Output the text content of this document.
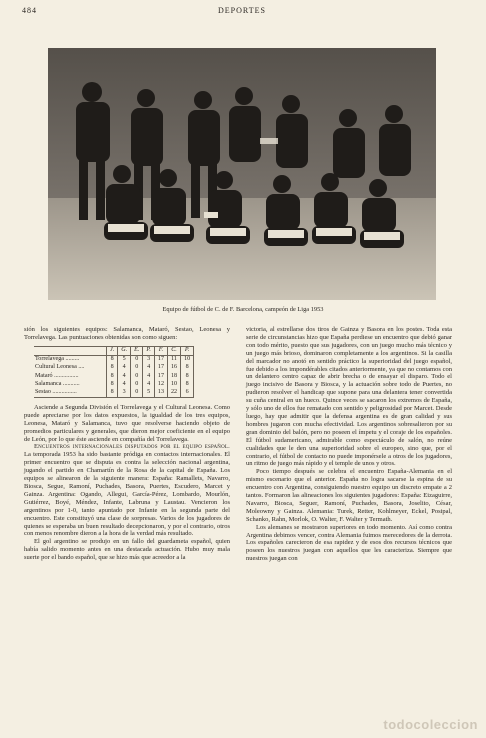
484	DEPORTES
Equipo de fútbol de C. de F. Barcelona, campeón de Liga 1953

sión los siguientes equipos: Salamanca, Mataró, Sestao, Leonesa y Torrelavega. Las puntuaciones obtenidas son como siguen:

	J.	G.	E.	P.	F.	C.	P.
Torrelavega .........	8	5	0	3	17	11	10
Cultural Leonesa ....	8	4	0	4	17	16	8
Mataró ................	8	4	0	4	17	18	8
Salamanca ...........	8	4	0	4	12	10	8
Sestao ................	8	3	0	5	13	22	6

Asciende a Segunda División el Torrelavega y el Cultural Leonesa. Como puede apreciarse por los datos expuestos, la igualdad de los tres equipos, Leonesa, Mataró y Salamanca, tuvo que resolverse haciendo objeto de promedios particulares y generales, que dieron mejor coeficiente en el equipo de León, por lo que éste asciende en compañía del Torrelavega.

Encuentros internacionales disputados por el equipo español. La temporada 1953 ha sido bastante pródiga en contactos internacionales. El primer encuentro que se disputa es contra la selección nacional argentina, jugando el partido en Chamartín de la Rosa de la capital de España. Los equipos se alinearon de la siguiente manera: España: Ramallets, Navarro, Biosca, Segue, Ramoní, Puchades, Basora, Puertes, Escudero, Marcet y Gainza. Argentina: Ogando, Allegui, García-Pérez, Lombardo, Mourlón, Gutiérrez, Boyé, Méndez, Infante, Labruna y Laustau. Vencieron los argentinos por 1-0, tanto apuntado por Infante en la segunda parte del encuentro. Este constituyó una clase de sorpresas. Varios de los jugadores de quienes se esperaba un buen resultado decepcionaron, y por el contrario, otros con menos renombre dieron a la hora de la verdad más resultado.

El gol argentino se produjo en un fallo del guardameta español, quien había salido momento antes en una destacada actuación. Hubo muy mala suerte por el bando español, que se hizo más que acreedor a la

victoria, al estrellarse dos tiros de Gainza y Basora en los postes. Toda esta serie de circunstancias hizo que España perdiese un encuentro que debió ganar con todo mérito, puesto que sus jugadores, con un juego mucho más técnico y un juego más brioso, dominaron completamente a los argentinos. Si la casilla del marcador no anotó en sentido práctico la superioridad del juego español, fue debido a los impondérables citados anteriormente, ya que no contamos con un delantero centro capaz de abrir brecha o de ensayar el disparo. Todo el juego incisivo de Basora y Biosca, y la actuación sobre todo de Puertes, no pudieron resolver el handicap que supone para una delantera tener convertida su cuña central en un hueco. Quince veces se sacaron los extremos de España, y sólo uno de ellos fue rematado con sentido y peligrosidad por Marcet. Desde luego, hay que admitir que la defensa argentina es de gran calidad y sus hombres jugaron con mucha efectividad. Los argentinos sobresalieron por su gran dominio del balón, pero no poseen el ímpetu y el coraje de los españoles. El fútbol sudamericano, admirable como espectáculo de salón, no reúne cualidades que le den una superioridad sobre el europeo, sino que, por el contrario, el fútbol de contacto no puede imponérsele a otros de los jugadores, un ritmo de juego más rápido y el temple de unos y otros.

Poco tiempo después se celebra el encuentro España-Alemania en el mismo escenario que el anterior. España no logra sacarse la espina de su encuentro con Argentina, consiguiendo nuestro equipo un discreto empate a 2 tantos. Formaron las alineaciones los siguientes jugadores: España: Eizaguirre, Navarro, Biosca, Seguer, Ramoní, Puchades, Basora, Joselito, César, Moleowny y Gainza. Alemania: Turek, Retter, Kohlmeyer, Eckel, Posipal, Schanko, Rahn, Morlok, O. Walter, F. Walter y Termath.

Los alemanes se mostraron superiores en todo momento. Así como contra Argentina debimos vencer, contra Alemania fuimos merecedores de la derrota. Los españoles carecieron de esa rapidez y de esos dos recursos técnicos que poseen los nuestros juegan con aquellos que les caracteriza. Siempre que nuestros juegan con

todocoleccion
